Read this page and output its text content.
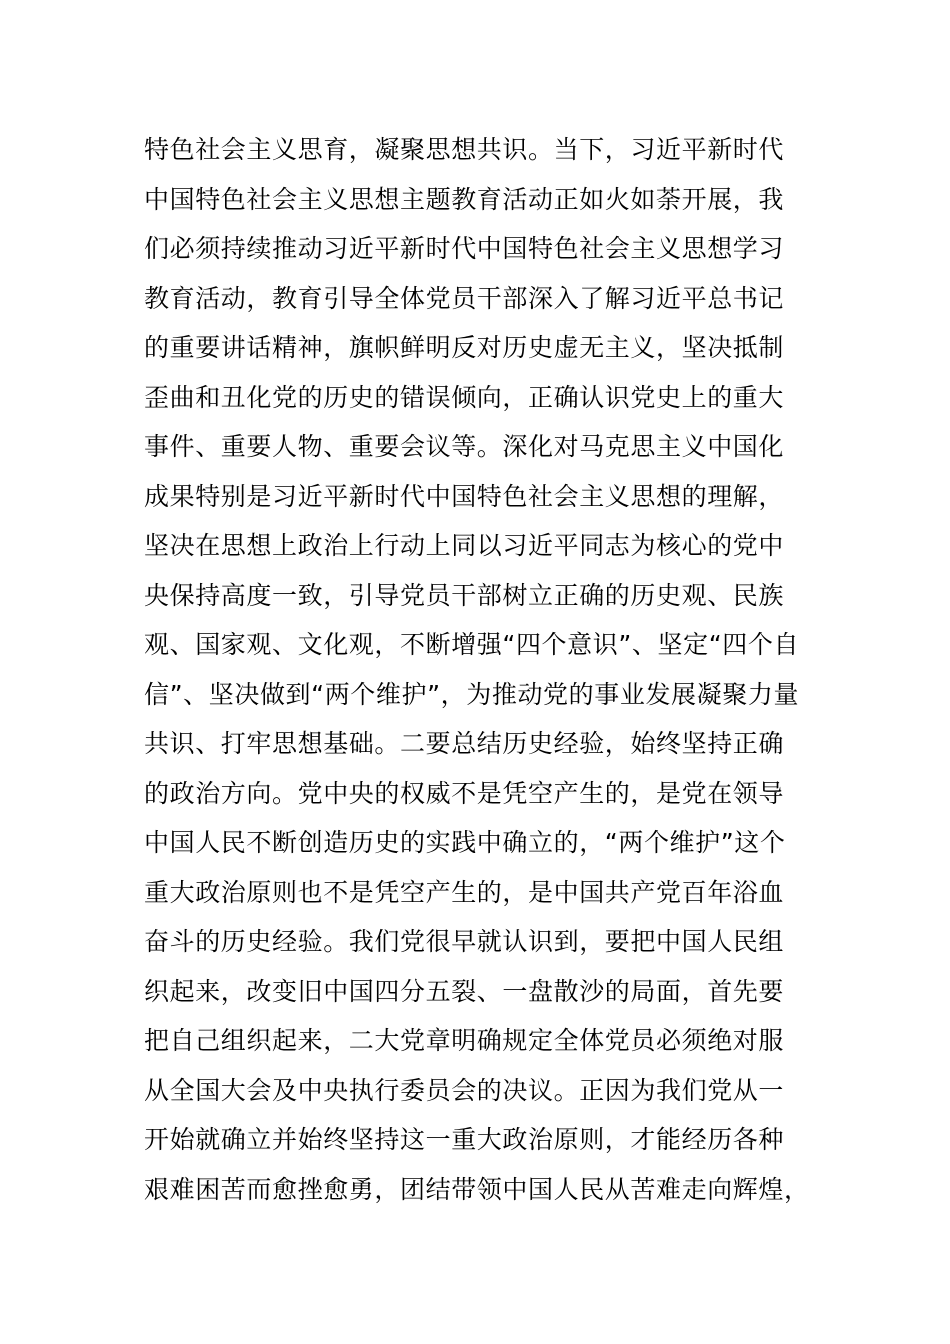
特色社会主义思育，凝聚思想共识。当下，习近平新时代
中国特色社会主义思想主题教育活动正如火如荼开展，我
们必须持续推动习近平新时代中国特色社会主义思想学习
教育活动，教育引导全体党员干部深入了解习近平总书记
的重要讲话精神，旗帜鲜明反对历史虚无主义，坚决抵制
歪曲和丑化党的历史的错误倾向，正确认识党史上的重大
事件、重要人物、重要会议等。深化对马克思主义中国化
成果特别是习近平新时代中国特色社会主义思想的理解，
坚决在思想上政治上行动上同以习近平同志为核心的党中
央保持高度一致，引导党员干部树立正确的历史观、民族
观、国家观、文化观，不断增强“四个意识”、坚定“四个自
信”、坚决做到“两个维护”，为推动党的事业发展凝聚力量
共识、打牢思想基础。二要总结历史经验，始终坚持正确
的政治方向。党中央的权威不是凭空产生的，是党在领导
中国人民不断创造历史的实践中确立的，“两个维护”这个
重大政治原则也不是凭空产生的，是中国共产党百年浴血
奋斗的历史经验。我们党很早就认识到，要把中国人民组
织起来，改变旧中国四分五裂、一盘散沙的局面，首先要
把自己组织起来，二大党章明确规定全体党员必须绝对服
从全国大会及中央执行委员会的决议。正因为我们党从一
开始就确立并始终坚持这一重大政治原则，才能经历各种
艰难困苦而愈挫愈勇，团结带领中国人民从苦难走向辉煌，
